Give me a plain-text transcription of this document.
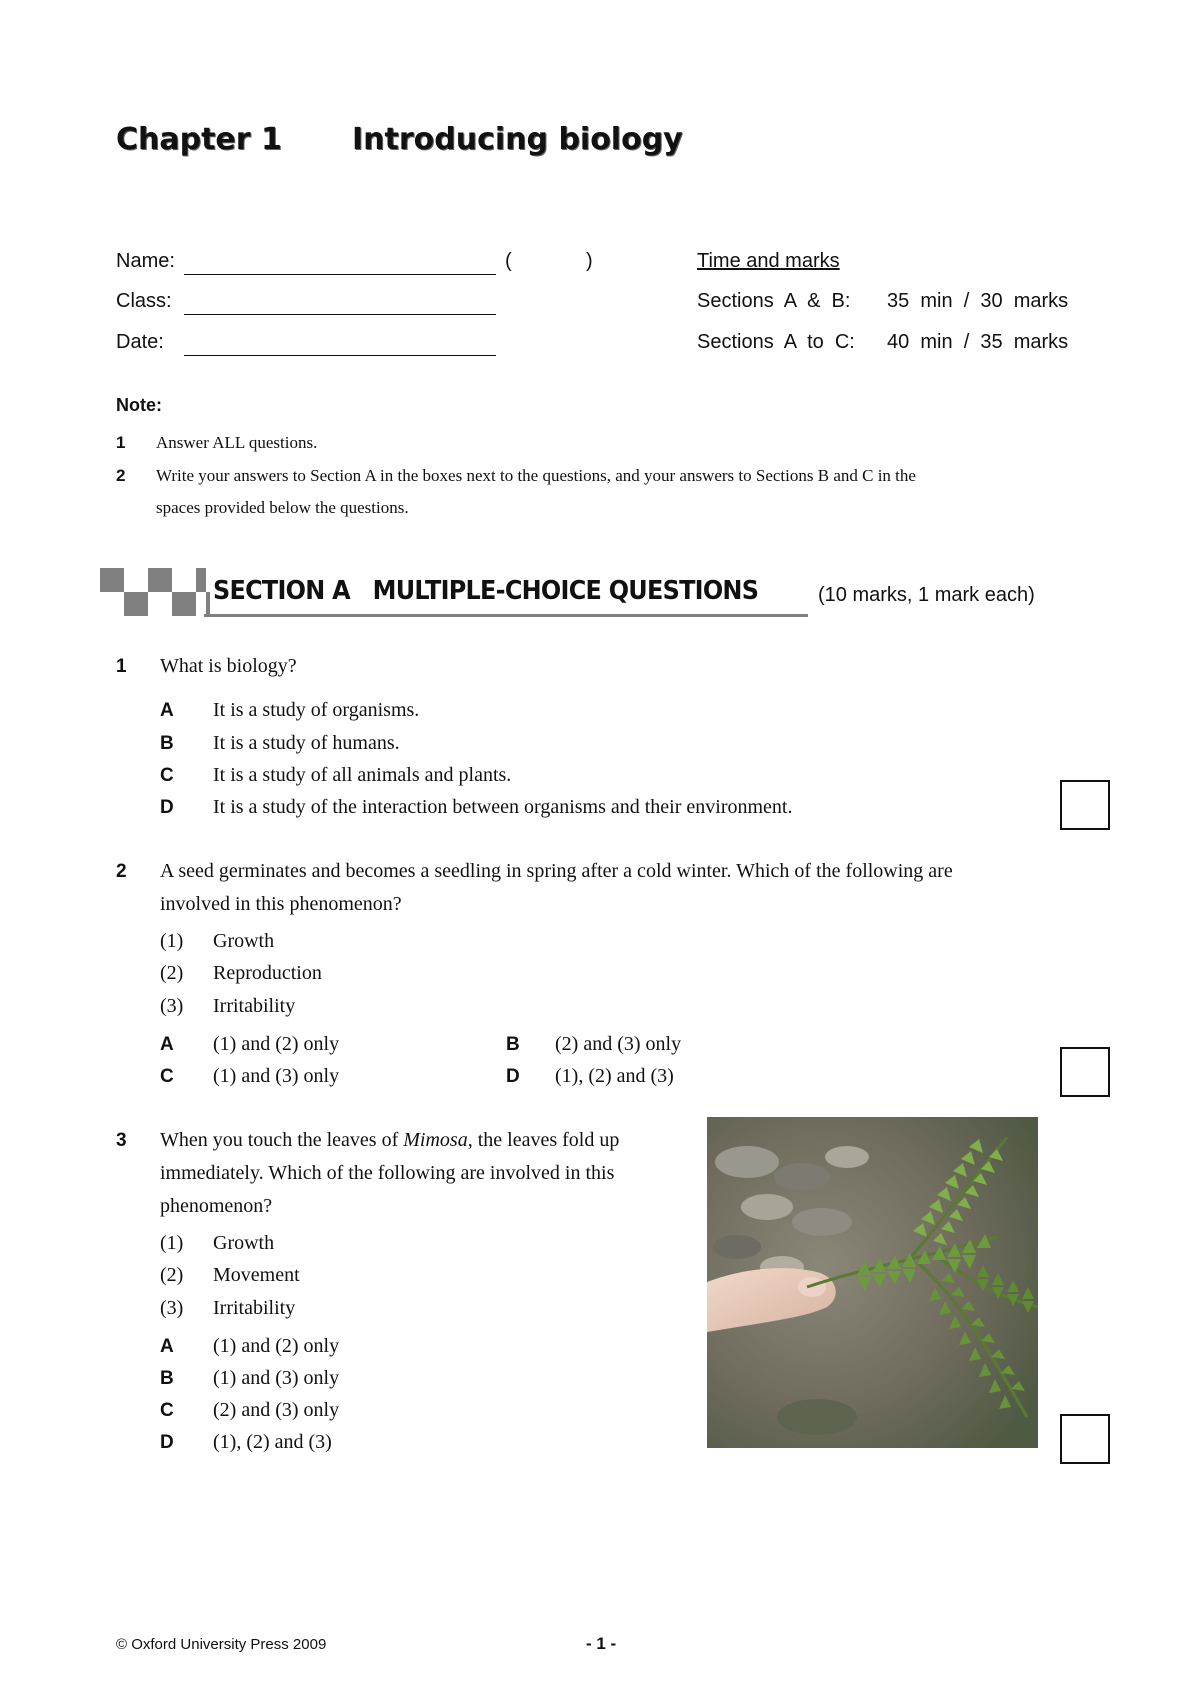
Chapter 1 Introducing biology
Name:	(	)
Class:
Date:
Time and marks
Sections  A  &  B: 35  min  /  30  marks
Sections  A  to  C: 40  min  /  35  marks
Note:
1 Answer ALL questions.
2 Write your answers to Section A in the boxes next to the questions, and your answers to Sections B and C in the
spaces provided below the questions.
SECTION A   MULTIPLE-CHOICE QUESTIONS	(10 marks, 1 mark each)
1 What is biology?
A It is a study of organisms.
B It is a study of humans.
C It is a study of all animals and plants.
D It is a study of the interaction between organisms and their environment.
2 A seed germinates and becomes a seedling in spring after a cold winter. Which of the following are
involved in this phenomenon?
(1) Growth
(2) Reproduction
(3) Irritability
A (1) and (2) only	B (2) and (3) only
C (1) and (3) only	D (1), (2) and (3)
3 When you touch the leaves of Mimosa, the leaves fold up
immediately. Which of the following are involved in this
phenomenon?
(1) Growth
(2) Movement
(3) Irritability
A (1) and (2) only
B (1) and (3) only
C (2) and (3) only
D (1), (2) and (3)
© Oxford University Press 2009	- 1 -
